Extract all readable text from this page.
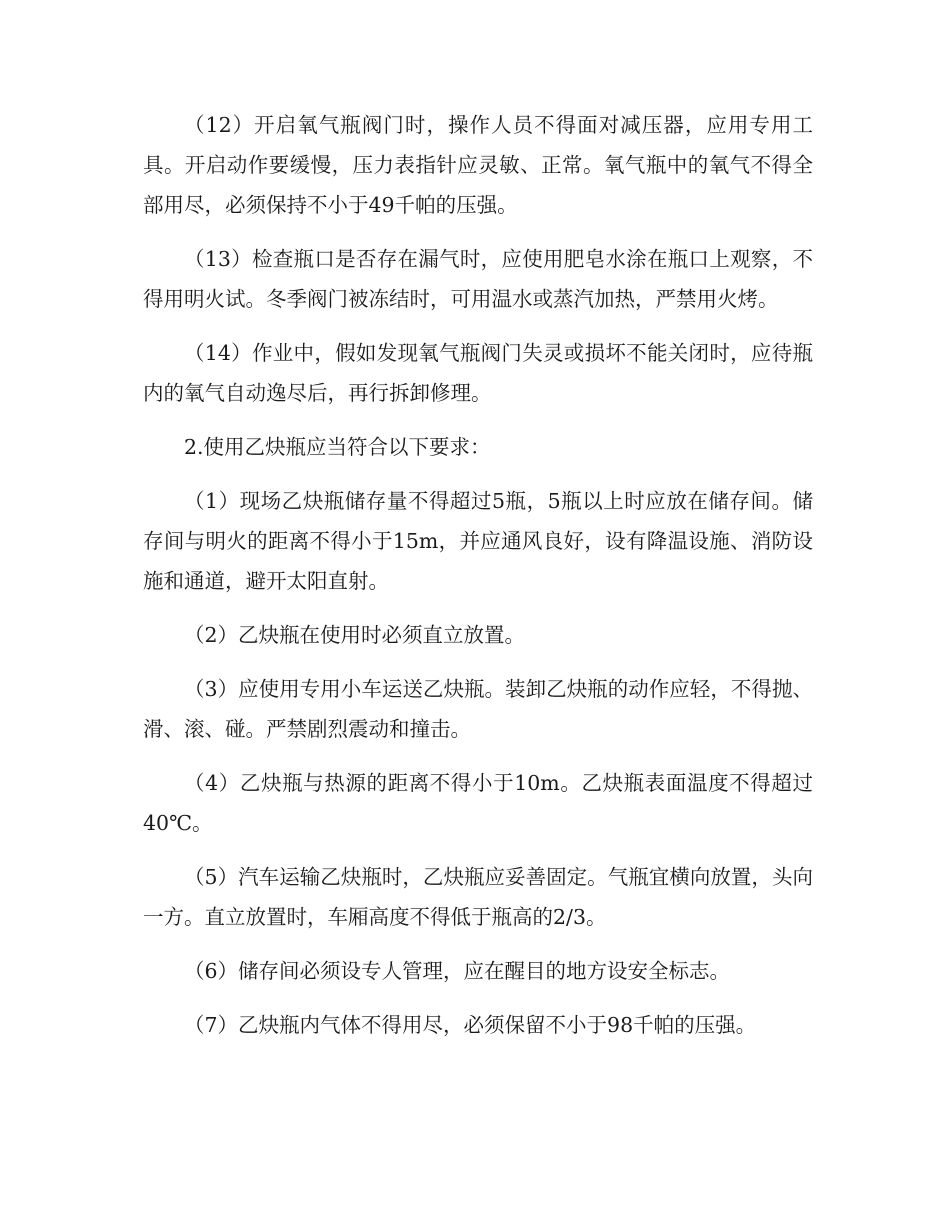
（12）开启氧气瓶阀门时，操作人员不得面对减压器，应用专用工具。开启动作要缓慢，压力表指针应灵敏、正常。氧气瓶中的氧气不得全部用尽，必须保持不小于49千帕的压强。

（13）检查瓶口是否存在漏气时，应使用肥皂水涂在瓶口上观察，不得用明火试。冬季阀门被冻结时，可用温水或蒸汽加热，严禁用火烤。

（14）作业中，假如发现氧气瓶阀门失灵或损坏不能关闭时，应待瓶内的氧气自动逸尽后，再行拆卸修理。

2.使用乙炔瓶应当符合以下要求：

（1）现场乙炔瓶储存量不得超过5瓶，5瓶以上时应放在储存间。储存间与明火的距离不得小于15m，并应通风良好，设有降温设施、消防设施和通道，避开太阳直射。

（2）乙炔瓶在使用时必须直立放置。

（3）应使用专用小车运送乙炔瓶。装卸乙炔瓶的动作应轻，不得抛、滑、滚、碰。严禁剧烈震动和撞击。

（4）乙炔瓶与热源的距离不得小于10m。乙炔瓶表面温度不得超过40℃。

（5）汽车运输乙炔瓶时，乙炔瓶应妥善固定。气瓶宜横向放置，头向一方。直立放置时，车厢高度不得低于瓶高的2/3。

（6）储存间必须设专人管理，应在醒目的地方设安全标志。

（7）乙炔瓶内气体不得用尽，必须保留不小于98千帕的压强。
